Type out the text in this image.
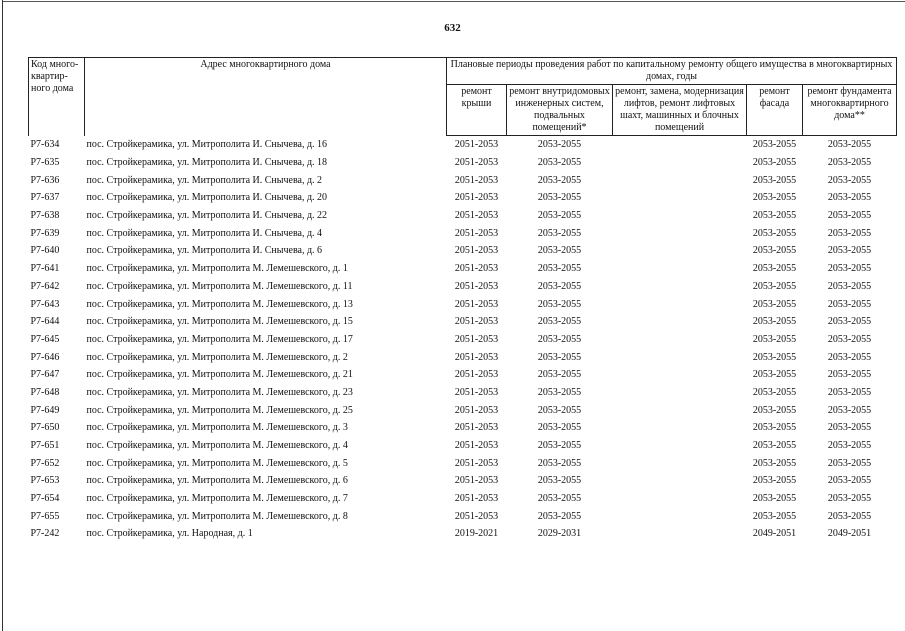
632
Код много-квартир-ного дома	Адрес многоквартирного дома	Плановые периоды проведения работ по капитальному ремонту общего имущества в многоквартирных домах, годы				
		ремонт крыши	ремонт внутридомовых инженерных систем, подвальных помещений*	ремонт, замена, модернизация лифтов, ремонт лифтовых шахт, машинных и блочных помещений	ремонт фасада	ремонт фундамента многоквартирного дома**
Р7-634	пос. Стройкерамика, ул. Митрополита И. Снычева, д. 16	2051-2053	2053-2055		2053-2055	2053-2055
Р7-635	пос. Стройкерамика, ул. Митрополита И. Снычева, д. 18	2051-2053	2053-2055		2053-2055	2053-2055
Р7-636	пос. Стройкерамика, ул. Митрополита И. Снычева, д. 2	2051-2053	2053-2055		2053-2055	2053-2055
Р7-637	пос. Стройкерамика, ул. Митрополита И. Снычева, д. 20	2051-2053	2053-2055		2053-2055	2053-2055
Р7-638	пос. Стройкерамика, ул. Митрополита И. Снычева, д. 22	2051-2053	2053-2055		2053-2055	2053-2055
Р7-639	пос. Стройкерамика, ул. Митрополита И. Снычева, д. 4	2051-2053	2053-2055		2053-2055	2053-2055
Р7-640	пос. Стройкерамика, ул. Митрополита И. Снычева, д. 6	2051-2053	2053-2055		2053-2055	2053-2055
Р7-641	пос. Стройкерамика, ул. Митрополита М. Лемешевского, д. 1	2051-2053	2053-2055		2053-2055	2053-2055
Р7-642	пос. Стройкерамика, ул. Митрополита М. Лемешевского, д. 11	2051-2053	2053-2055		2053-2055	2053-2055
Р7-643	пос. Стройкерамика, ул. Митрополита М. Лемешевского, д. 13	2051-2053	2053-2055		2053-2055	2053-2055
Р7-644	пос. Стройкерамика, ул. Митрополита М. Лемешевского, д. 15	2051-2053	2053-2055		2053-2055	2053-2055
Р7-645	пос. Стройкерамика, ул. Митрополита М. Лемешевского, д. 17	2051-2053	2053-2055		2053-2055	2053-2055
Р7-646	пос. Стройкерамика, ул. Митрополита М. Лемешевского, д. 2	2051-2053	2053-2055		2053-2055	2053-2055
Р7-647	пос. Стройкерамика, ул. Митрополита М. Лемешевского, д. 21	2051-2053	2053-2055		2053-2055	2053-2055
Р7-648	пос. Стройкерамика, ул. Митрополита М. Лемешевского, д. 23	2051-2053	2053-2055		2053-2055	2053-2055
Р7-649	пос. Стройкерамика, ул. Митрополита М. Лемешевского, д. 25	2051-2053	2053-2055		2053-2055	2053-2055
Р7-650	пос. Стройкерамика, ул. Митрополита М. Лемешевского, д. 3	2051-2053	2053-2055		2053-2055	2053-2055
Р7-651	пос. Стройкерамика, ул. Митрополита М. Лемешевского, д. 4	2051-2053	2053-2055		2053-2055	2053-2055
Р7-652	пос. Стройкерамика, ул. Митрополита М. Лемешевского, д. 5	2051-2053	2053-2055		2053-2055	2053-2055
Р7-653	пос. Стройкерамика, ул. Митрополита М. Лемешевского, д. 6	2051-2053	2053-2055		2053-2055	2053-2055
Р7-654	пос. Стройкерамика, ул. Митрополита М. Лемешевского, д. 7	2051-2053	2053-2055		2053-2055	2053-2055
Р7-655	пос. Стройкерамика, ул. Митрополита М. Лемешевского, д. 8	2051-2053	2053-2055		2053-2055	2053-2055
Р7-242	пос. Стройкерамика, ул. Народная, д. 1	2019-2021	2029-2031		2049-2051	2049-2051
